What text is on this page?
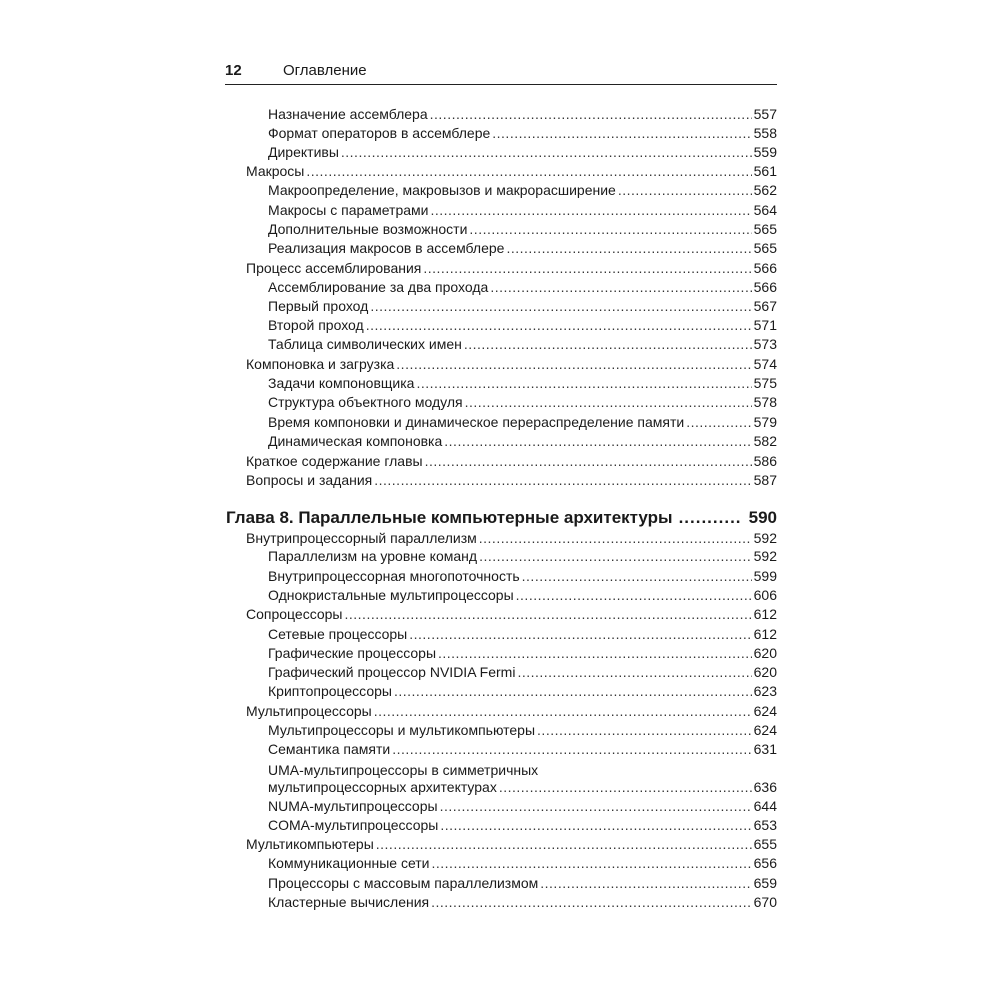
12	Оглавление
Назначение ассемблера .....	557
Формат операторов в ассемблере .....	558
Директивы .....	559
Макросы .....	561
Макроопределение, макровызов и макрорасширение .....	562
Макросы с параметрами .....	564
Дополнительные возможности .....	565
Реализация макросов в ассемблере .....	565
Процесс ассемблирования .....	566
Ассемблирование за два прохода .....	566
Первый проход .....	567
Второй проход .....	571
Таблица символических имен .....	573
Компоновка и загрузка .....	574
Задачи компоновщика .....	575
Структура объектного модуля .....	578
Время компоновки и динамическое перераспределение памяти .....	579
Динамическая компоновка .....	582
Краткое содержание главы .....	586
Вопросы и задания .....	587
Глава 8. Параллельные компьютерные архитектуры .....	590
Внутрипроцессорный параллелизм .....	592
Параллелизм на уровне команд .....	592
Внутрипроцессорная многопоточность .....	599
Однокристальные мультипроцессоры .....	606
Сопроцессоры .....	612
Сетевые процессоры .....	612
Графические процессоры .....	620
Графический процессор NVIDIA Fermi .....	620
Криптопроцессоры .....	623
Мультипроцессоры .....	624
Мультипроцессоры и мультикомпьютеры .....	624
Семантика памяти .....	631
UMA-мультипроцессоры в симметричных
мультипроцессорных архитектурах .....	636
NUMA-мультипроцессоры .....	644
COMA-мультипроцессоры .....	653
Мультикомпьютеры .....	655
Коммуникационные сети .....	656
Процессоры с массовым параллелизмом .....	659
Кластерные вычисления .....	670
